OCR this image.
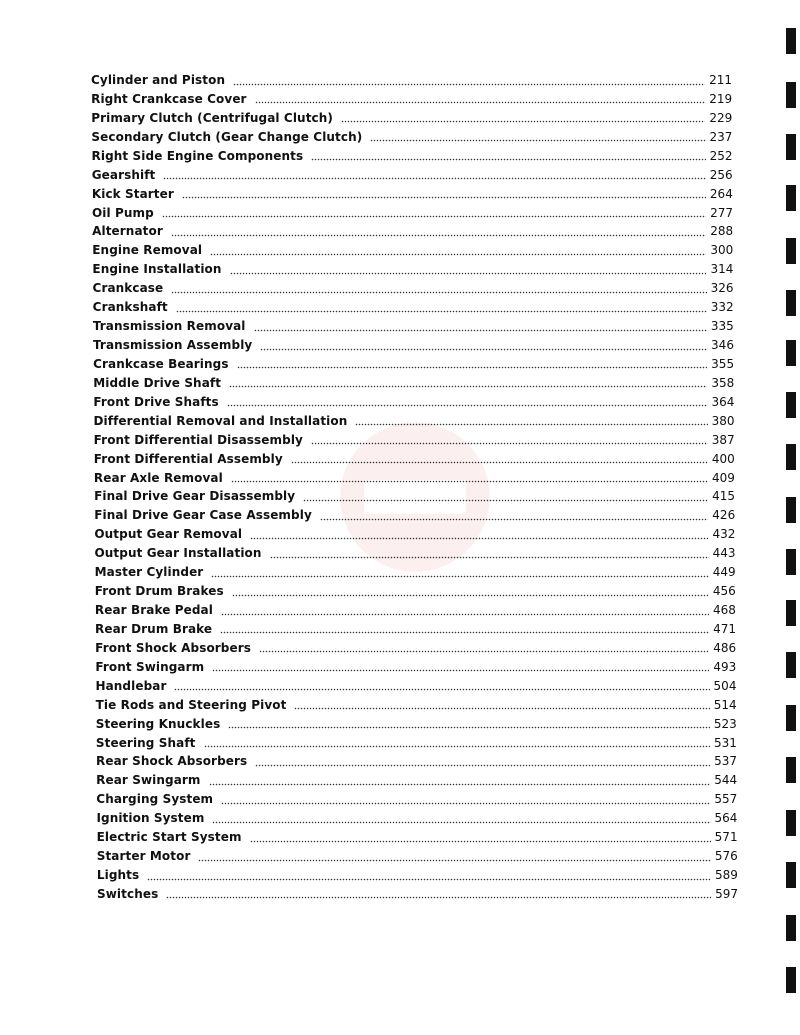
Cylinder and Piston	211
Right Crankcase Cover	219
Primary Clutch (Centrifugal Clutch)	229
Secondary Clutch (Gear Change Clutch)	237
Right Side Engine Components	252
Gearshift	256
Kick Starter	264
Oil Pump	277
Alternator	288
Engine Removal	300
Engine Installation	314
Crankcase	326
Crankshaft	332
Transmission Removal	335
Transmission Assembly	346
Crankcase Bearings	355
Middle Drive Shaft	358
Front Drive Shafts	364
Differential Removal and Installation	380
Front Differential Disassembly	387
Front Differential Assembly	400
Rear Axle Removal	409
Final Drive Gear Disassembly	415
Final Drive Gear Case Assembly	426
Output Gear Removal	432
Output Gear Installation	443
Master Cylinder	449
Front Drum Brakes	456
Rear Brake Pedal	468
Rear Drum Brake	471
Front Shock Absorbers	486
Front Swingarm	493
Handlebar	504
Tie Rods and Steering Pivot	514
Steering Knuckles	523
Steering Shaft	531
Rear Shock Absorbers	537
Rear Swingarm	544
Charging System	557
Ignition System	564
Electric Start System	571
Starter Motor	576
Lights	589
Switches	597
